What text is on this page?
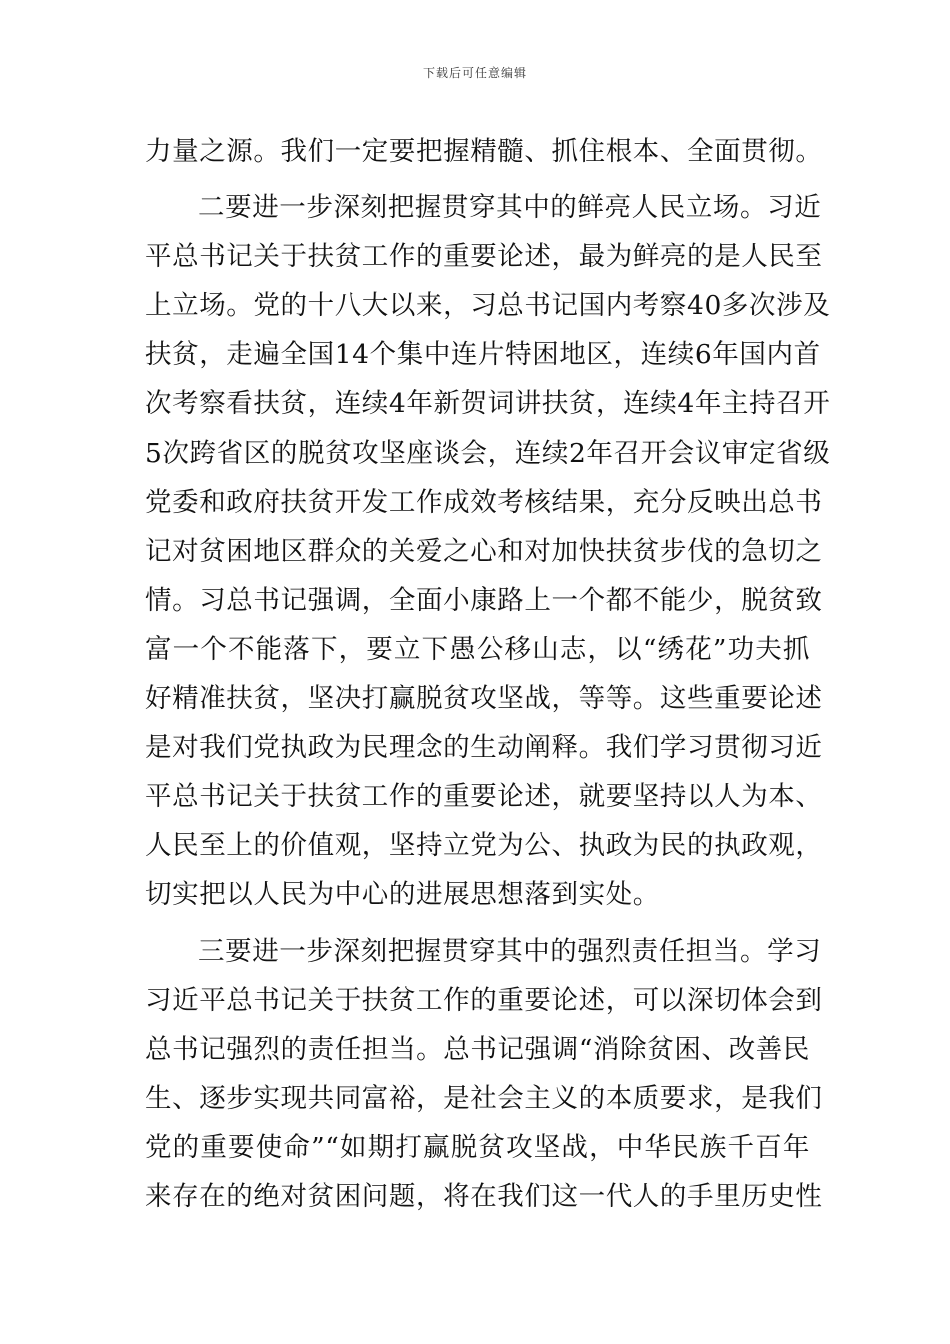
下载后可任意编辑
力量之源。我们一定要把握精髓、抓住根本、全面贯彻。
二要进一步深刻把握贯穿其中的鲜亮人民立场。习近
平总书记关于扶贫工作的重要论述，最为鲜亮的是人民至
上立场。党的十八大以来，习总书记国内考察40多次涉及
扶贫，走遍全国14个集中连片特困地区，连续6年国内首
次考察看扶贫，连续4年新贺词讲扶贫，连续4年主持召开
5次跨省区的脱贫攻坚座谈会，连续2年召开会议审定省级
党委和政府扶贫开发工作成效考核结果，充分反映出总书
记对贫困地区群众的关爱之心和对加快扶贫步伐的急切之
情。习总书记强调，全面小康路上一个都不能少，脱贫致
富一个不能落下，要立下愚公移山志，以“绣花”功夫抓
好精准扶贫，坚决打赢脱贫攻坚战，等等。这些重要论述
是对我们党执政为民理念的生动阐释。我们学习贯彻习近
平总书记关于扶贫工作的重要论述，就要坚持以人为本、
人民至上的价值观，坚持立党为公、执政为民的执政观，
切实把以人民为中心的进展思想落到实处。
三要进一步深刻把握贯穿其中的强烈责任担当。学习
习近平总书记关于扶贫工作的重要论述，可以深切体会到
总书记强烈的责任担当。总书记强调“消除贫困、改善民
生、逐步实现共同富裕，是社会主义的本质要求，是我们
党的重要使命”“如期打赢脱贫攻坚战，中华民族千百年
来存在的绝对贫困问题，将在我们这一代人的手里历史性
